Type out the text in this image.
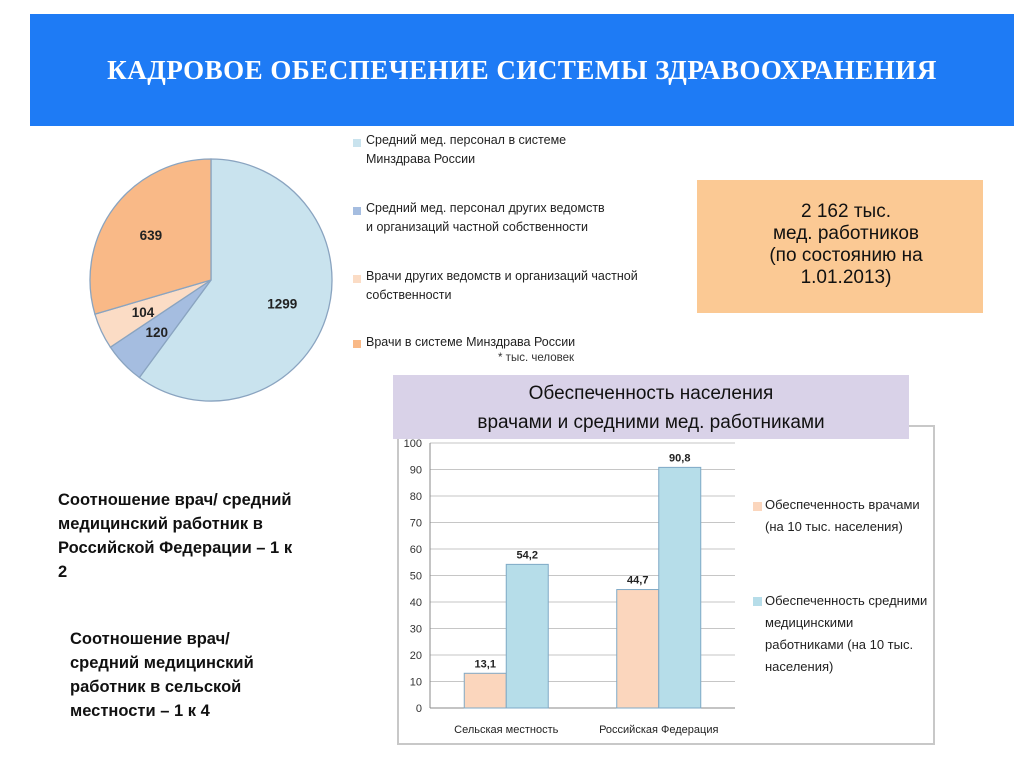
КАДРОВОЕ ОБЕСПЕЧЕНИЕ СИСТЕМЫ ЗДРАВООХРАНЕНИЯ
1299
120
104
639
Средний мед. персонал в системе Минздрава России
Средний мед. персонал других ведомств и организаций частной собственности
Врачи других ведомств и организаций частной собственности
Врачи в системе Минздрава России
* тыс. человек
2 162 тыс.
мед. работников
(по состоянию на
1.01.2013)
Соотношение врач/ средний медицинский работник в Российской Федерации – 1 к 2
Соотношение врач/ средний медицинский работник в сельской местности – 1 к 4	0
10
20
30
40
50
60
70
80
90
100
13,1
54,2
Сельская местность
44,7
90,8
Российская Федерация
Обеспеченность населения
врачами и средними мед. работниками
Обеспеченность врачами (на 10 тыс. населения)
Обеспеченность средними медицинскими работниками (на 10 тыс. населения)
